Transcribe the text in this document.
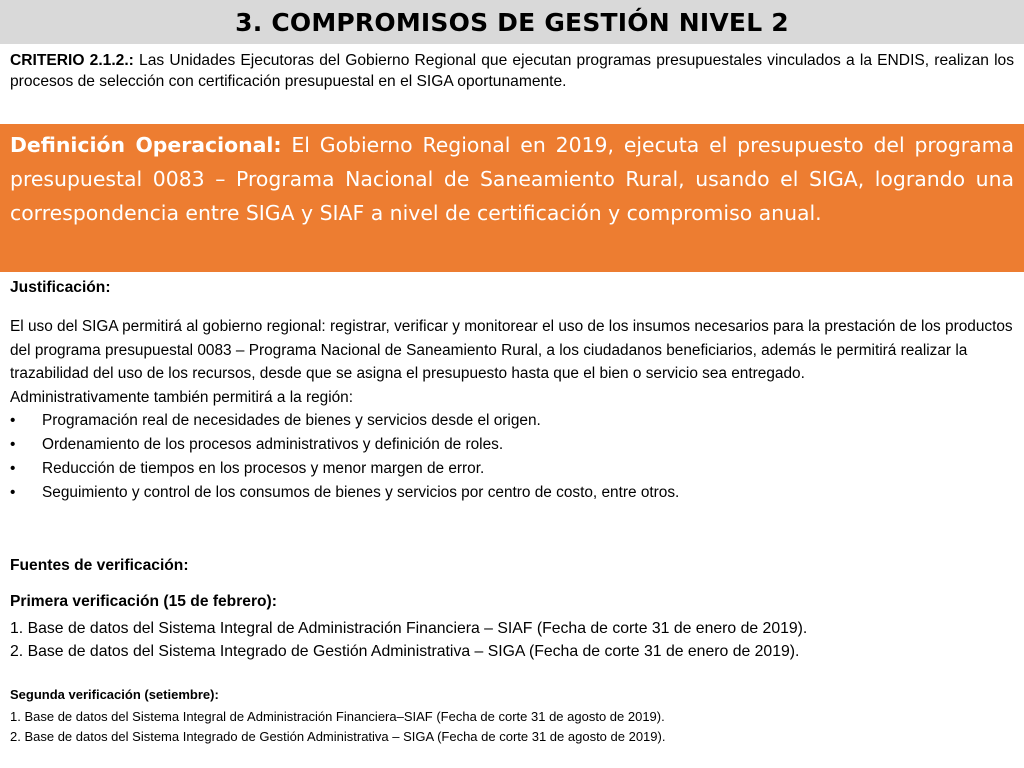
3. COMPROMISOS DE GESTIÓN NIVEL 2
CRITERIO 2.1.2.: Las Unidades Ejecutoras del Gobierno Regional que ejecutan programas presupuestales vinculados a la ENDIS, realizan los procesos de selección con certificación presupuestal en el SIGA oportunamente.

Definición Operacional: El Gobierno Regional en 2019, ejecuta el presupuesto del programa presupuestal 0083 – Programa Nacional de Saneamiento Rural, usando el SIGA, logrando una correspondencia entre SIGA y SIAF a nivel de certificación y compromiso anual.

Justificación:

El uso del SIGA permitirá al gobierno regional: registrar, verificar y monitorear el uso de los insumos necesarios para la prestación de los productos del programa presupuestal 0083 – Programa Nacional de Saneamiento Rural, a los ciudadanos beneficiarios, además le permitirá realizar la trazabilidad del uso de los recursos, desde que se asigna el presupuesto hasta que el bien o servicio sea entregado.

Administrativamente también permitirá a la región:

• Programación real de necesidades de bienes y servicios desde el origen.
• Ordenamiento de los procesos administrativos y definición de roles.
• Reducción de tiempos en los procesos y menor margen de error.
• Seguimiento y control de los consumos de bienes y servicios por centro de costo, entre otros.
Fuentes de verificación:
Primera verificación (15 de febrero):
1. Base de datos del Sistema Integral de Administración Financiera – SIAF (Fecha de corte 31 de enero de 2019).
2. Base de datos del Sistema Integrado de Gestión Administrativa – SIGA (Fecha de corte 31 de enero de 2019).
Segunda verificación (setiembre):
1. Base de datos del Sistema Integral de Administración Financiera–SIAF (Fecha de corte 31 de agosto de 2019).
2. Base de datos del Sistema Integrado de Gestión Administrativa – SIGA (Fecha de corte 31 de agosto de 2019).
